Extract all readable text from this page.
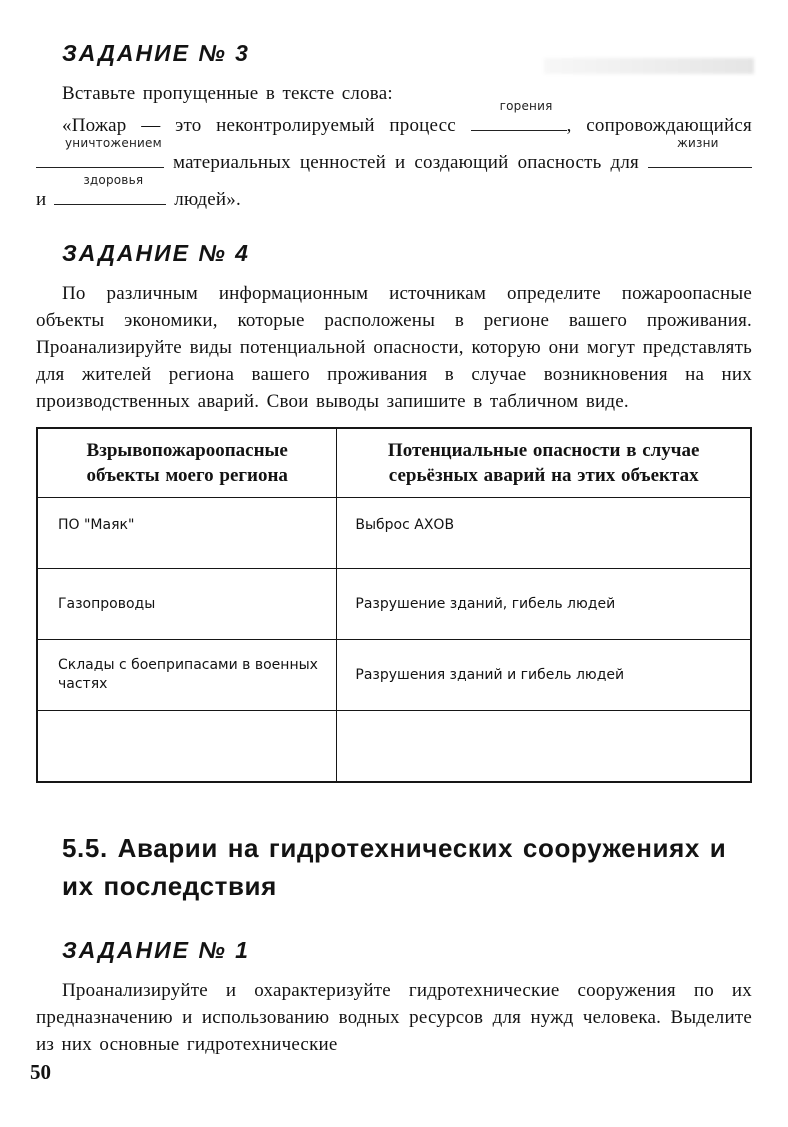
ЗАДАНИЕ № 3

Вставьте пропущенные в тексте слова:

«Пожар — это неконтролируемый процесс
горения
, сопровождающийся
уничтожением
материальных ценностей и создающий опасность для
жизни
и
здоровья
людей».

ЗАДАНИЕ № 4

По различным информационным источникам определите пожароопасные объекты экономики, которые расположены в регионе вашего проживания. Проанализируйте виды потенциальной опасности, которую они могут представлять для жителей региона вашего проживания в случае возникновения на них производственных аварий. Свои выводы запишите в табличном виде.

Взрывопожароопасные объекты моего региона	Потенциальные опасности в случае серьёзных аварий на этих объектах
ПО "Маяк"	Выброс АХОВ
Газопроводы	Разрушение зданий, гибель людей
Склады с боеприпасами в военных частях	Разрушения зданий и гибель людей

5.5. Аварии на гидротехнических сооружениях и их последствия
ЗАДАНИЕ № 1

Проанализируйте и охарактеризуйте гидротехнические сооружения по их предназначению и использованию водных ресурсов для нужд человека. Выделите из них основные гидротехнические

50
